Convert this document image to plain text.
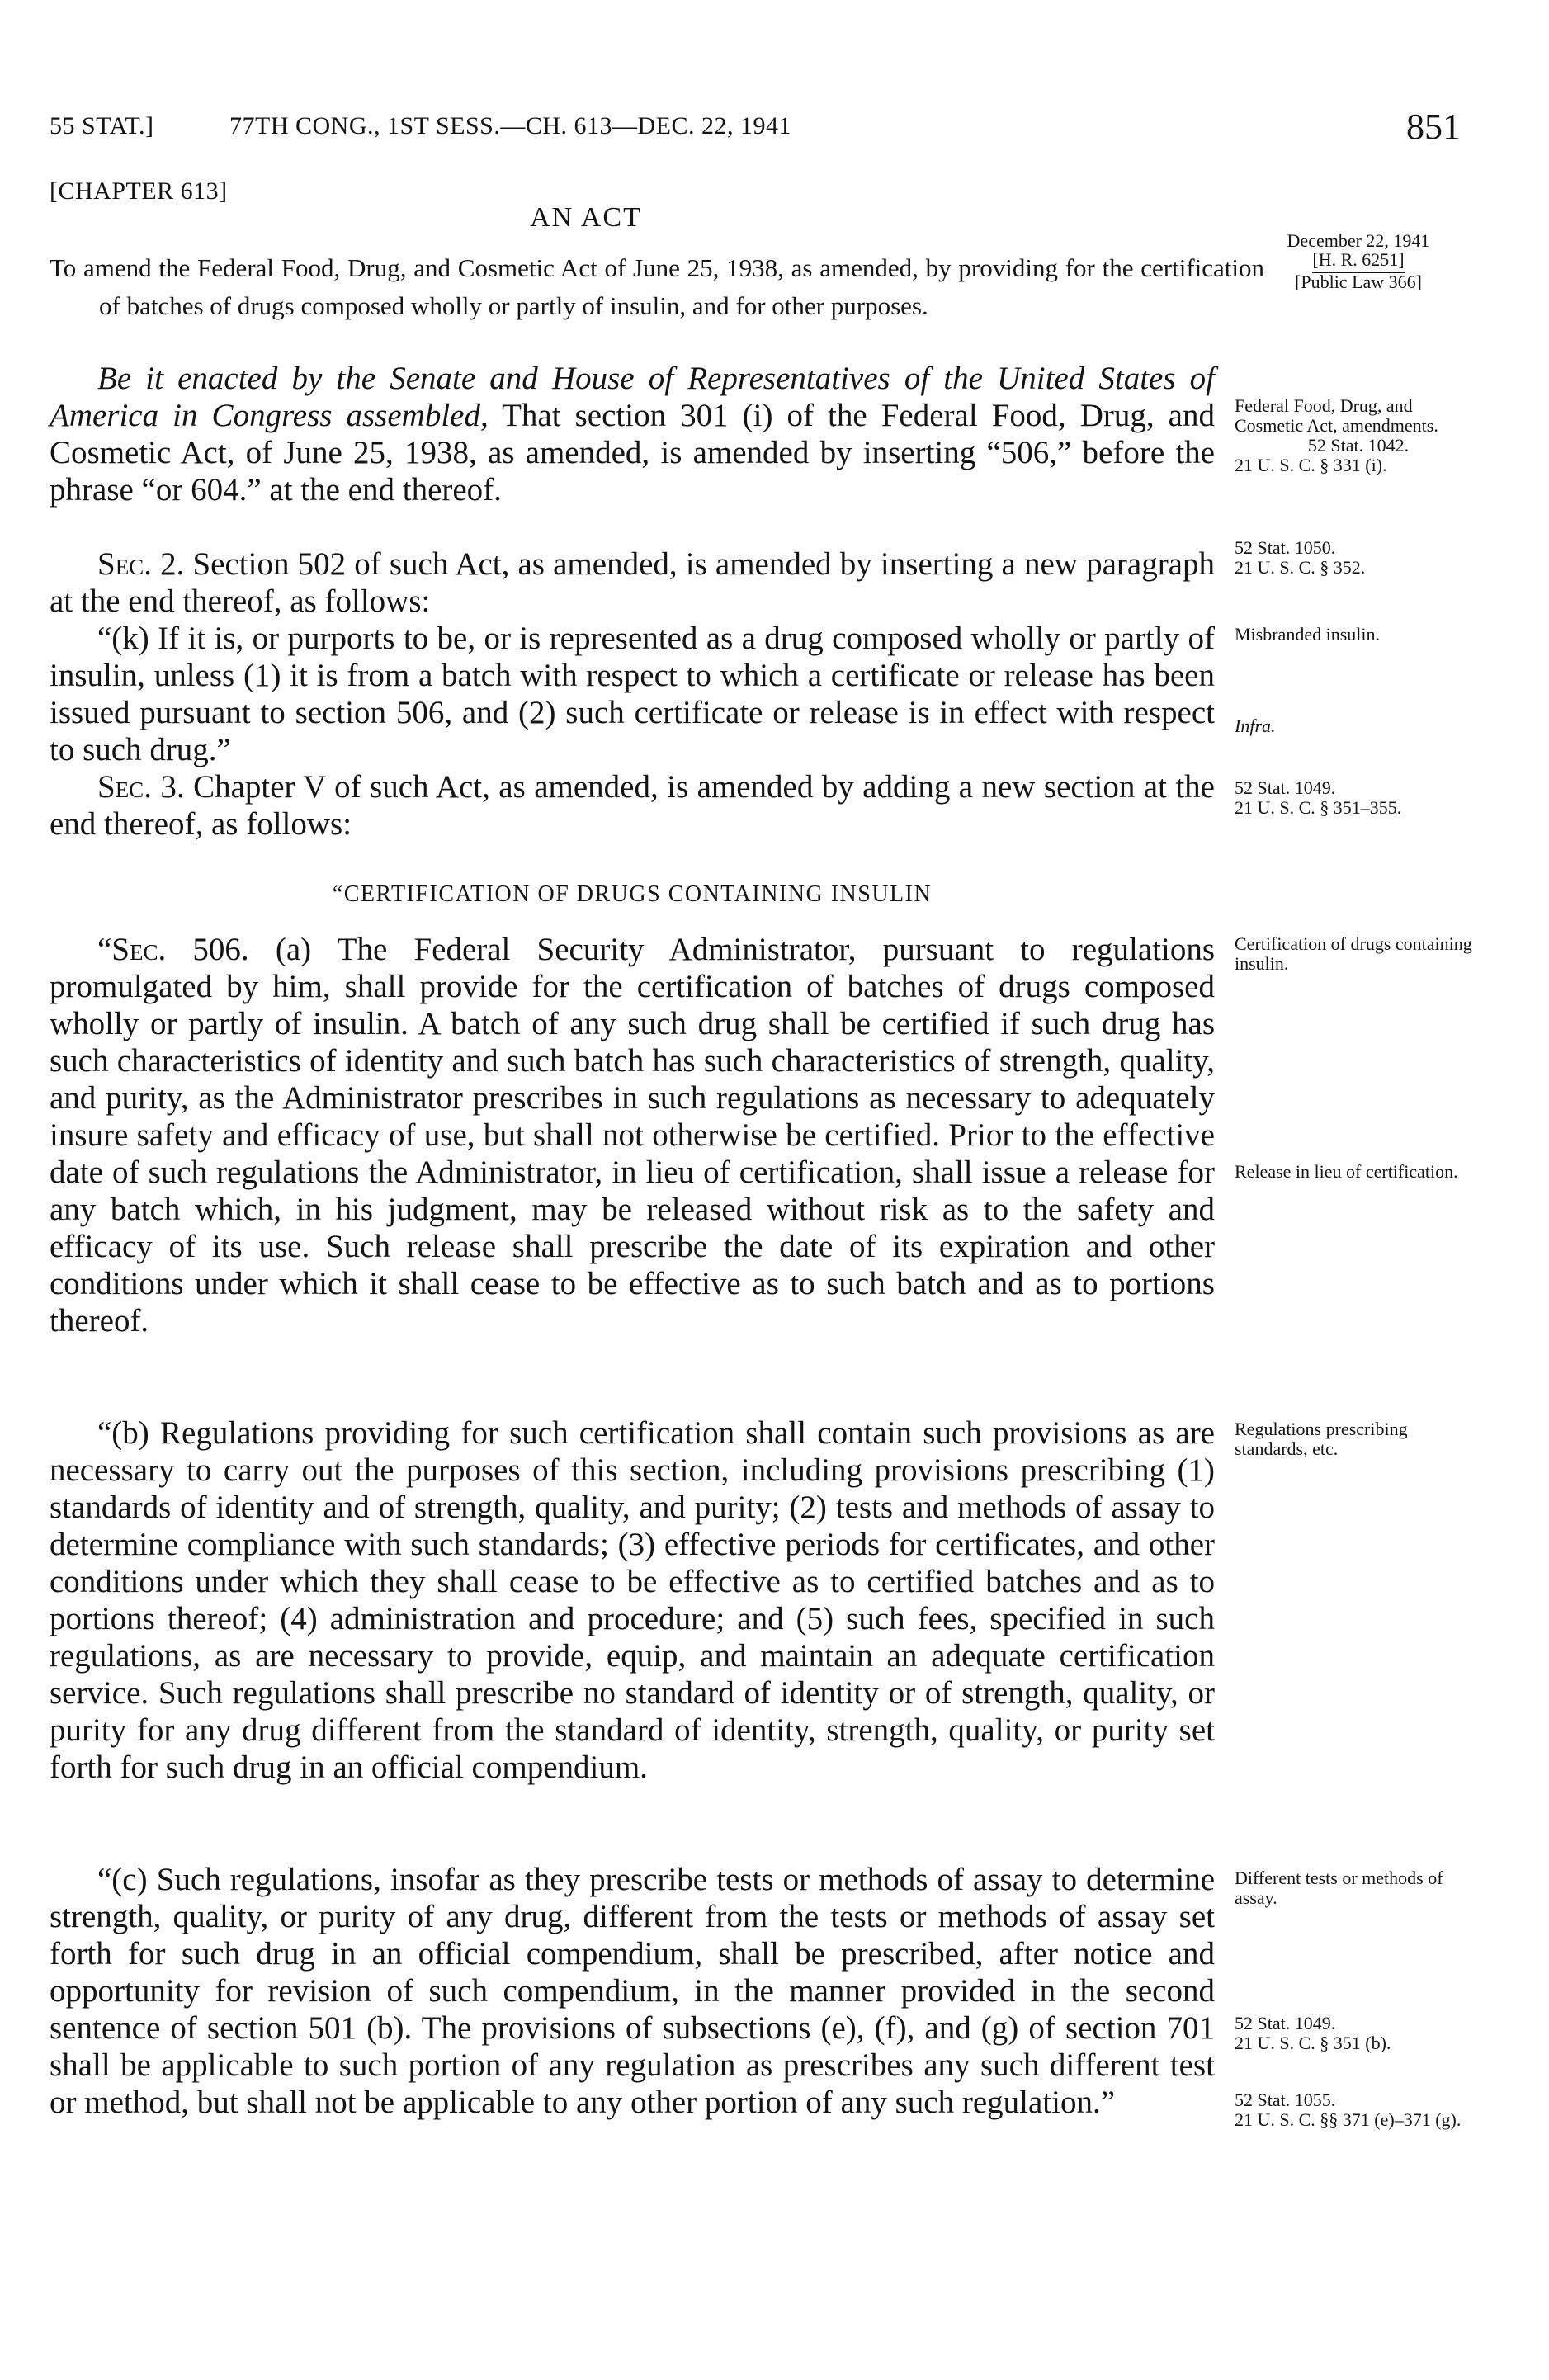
55 STAT.]	77TH CONG., 1ST SESS.—CH. 613—DEC. 22, 1941	851
[CHAPTER 613]
AN ACT

To amend the Federal Food, Drug, and Cosmetic Act of June 25, 1938, as amended, by providing for the certification of batches of drugs composed wholly or partly of insulin, and for other purposes.

Be it enacted by the Senate and House of Representatives of the United States of America in Congress assembled, That section 301 (i) of the Federal Food, Drug, and Cosmetic Act, of June 25, 1938, as amended, is amended by inserting “506,” before the phrase “or 604.” at the end thereof.

Sec. 2. Section 502 of such Act, as amended, is amended by inserting a new paragraph at the end thereof, as follows:

“(k) If it is, or purports to be, or is represented as a drug composed wholly or partly of insulin, unless (1) it is from a batch with respect to which a certificate or release has been issued pursuant to section 506, and (2) such certificate or release is in effect with respect to such drug.”

Sec. 3. Chapter V of such Act, as amended, is amended by adding a new section at the end thereof, as follows:

“CERTIFICATION OF DRUGS CONTAINING INSULIN

“Sec. 506. (a) The Federal Security Administrator, pursuant to regulations promulgated by him, shall provide for the certification of batches of drugs composed wholly or partly of insulin. A batch of any such drug shall be certified if such drug has such characteristics of identity and such batch has such characteristics of strength, quality, and purity, as the Administrator prescribes in such regulations as necessary to adequately insure safety and efficacy of use, but shall not otherwise be certified. Prior to the effective date of such regulations the Administrator, in lieu of certification, shall issue a release for any batch which, in his judgment, may be released without risk as to the safety and efficacy of its use. Such release shall prescribe the date of its expiration and other conditions under which it shall cease to be effective as to such batch and as to portions thereof.

“(b) Regulations providing for such certification shall contain such provisions as are necessary to carry out the purposes of this section, including provisions prescribing (1) standards of identity and of strength, quality, and purity; (2) tests and methods of assay to determine compliance with such standards; (3) effective periods for certificates, and other conditions under which they shall cease to be effective as to certified batches and as to portions thereof; (4) administration and procedure; and (5) such fees, specified in such regulations, as are necessary to provide, equip, and maintain an adequate certification service. Such regulations shall prescribe no standard of identity or of strength, quality, or purity for any drug different from the standard of identity, strength, quality, or purity set forth for such drug in an official compendium.

“(c) Such regulations, insofar as they prescribe tests or methods of assay to determine strength, quality, or purity of any drug, different from the tests or methods of assay set forth for such drug in an official compendium, shall be prescribed, after notice and opportunity for revision of such compendium, in the manner provided in the second sentence of section 501 (b). The provisions of subsections (e), (f), and (g) of section 701 shall be applicable to such portion of any regulation as prescribes any such different test or method, but shall not be applicable to any other portion of any such regulation.”

December 22, 1941
[H. R. 6251]
[Public Law 366]
Federal Food, Drug, and Cosmetic Act, amendments.
52 Stat. 1042.
21 U. S. C. § 331 (i).
52 Stat. 1050.
21 U. S. C. § 352.
Misbranded insulin.
Infra.
52 Stat. 1049.
21 U. S. C. § 351–355.
Certification of drugs containing insulin.
Release in lieu of certification.
Regulations prescribing standards, etc.
Different tests or methods of assay.
52 Stat. 1049.
21 U. S. C. § 351 (b).
52 Stat. 1055.
21 U. S. C. §§ 371 (e)–371 (g).
